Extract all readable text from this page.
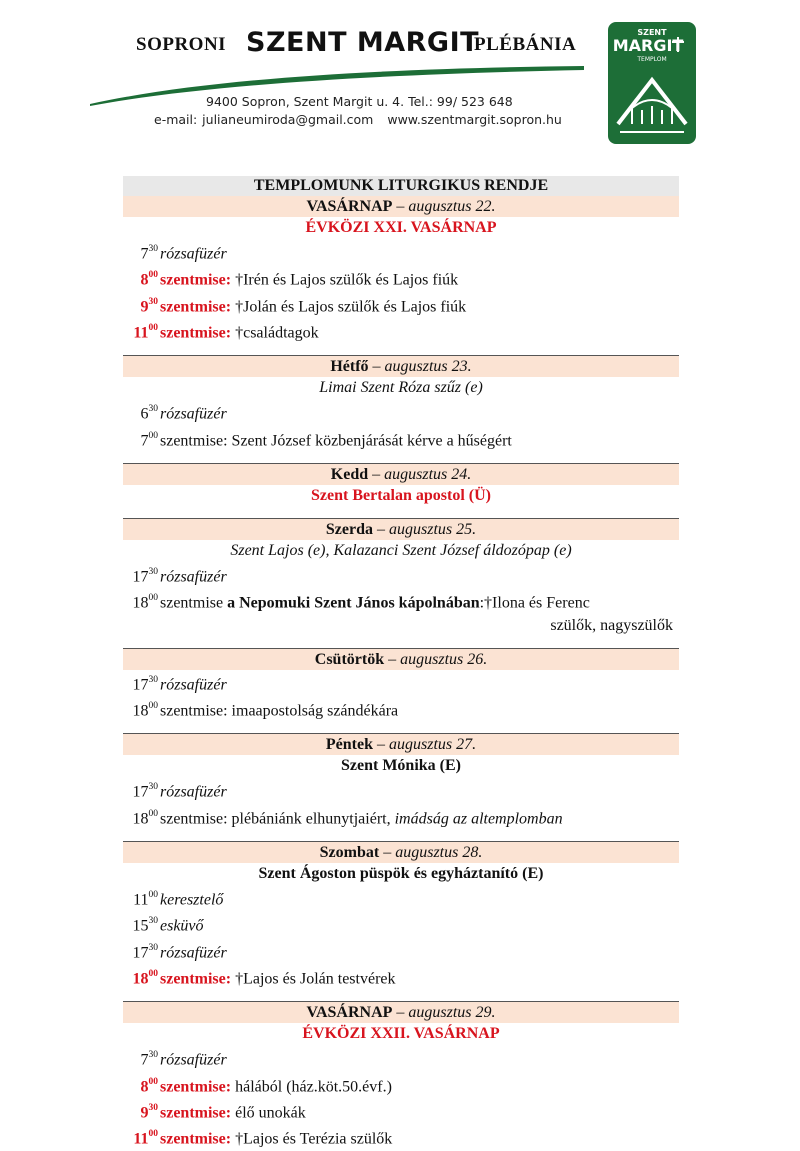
SOPRONI SZENT MARGIT
PLÉBÁNIA
9400 Sopron, Szent Margit u. 4. Tel.: 99/ 523 648
e-mail: julianeumiroda@gmail.com www.szentmargit.sopron.hu
SZENT
MARGIT
TEMPLOM
TEMPLOMUNK LITURGIKUS RENDJE
VASÁRNAP – augusztus 22.
ÉVKÖZI XXI. VASÁRNAP
$7^{30}$ rózsafüzér
$8^{00}$ szentmise: †Irén és Lajos szülők és Lajos fiúk
$9^{30}$ szentmise: †Jolán és Lajos szülők és Lajos fiúk
$11^{00}$ szentmise: †családtagok
Hétfő – augusztus 23.
Limai Szent Róza szűz (e)
$6^{30}$ rózsafüzér
$7^{00}$ szentmise: Szent József közbenjárását kérve a hűségért
Kedd – augusztus 24.
Szent Bertalan apostol (Ü)
Szerda – augusztus 25.
Szent Lajos (e), Kalazanci Szent József áldozópap (e)
$17^{30}$ rózsafüzér
$18^{00}$ szentmise a Nepomuki Szent János kápolnában:†Ilona és Ferenc
szülők, nagyszülők
Csütörtök – augusztus 26.
$17^{30}$ rózsafüzér
$18^{00}$ szentmise: imaapostolság szándékára
Péntek – augusztus 27.
Szent Mónika (E)
$17^{30}$ rózsafüzér
$18^{00}$ szentmise: plébániánk elhunytjaiért, imádság az altemplomban
Szombat – augusztus 28.
Szent Ágoston püspök és egyháztanító (E)
$11^{00}$ keresztelő
$15^{30}$ esküvő
$17^{30}$ rózsafüzér
$18^{00}$ szentmise: †Lajos és Jolán testvérek
VASÁRNAP – augusztus 29.
ÉVKÖZI XXII. VASÁRNAP
$7^{30}$ rózsafüzér
$8^{00}$ szentmise: hálából (ház.köt.50.évf.)
$9^{30}$ szentmise: élő unokák
$11^{00}$ szentmise: †Lajos és Terézia szülők
